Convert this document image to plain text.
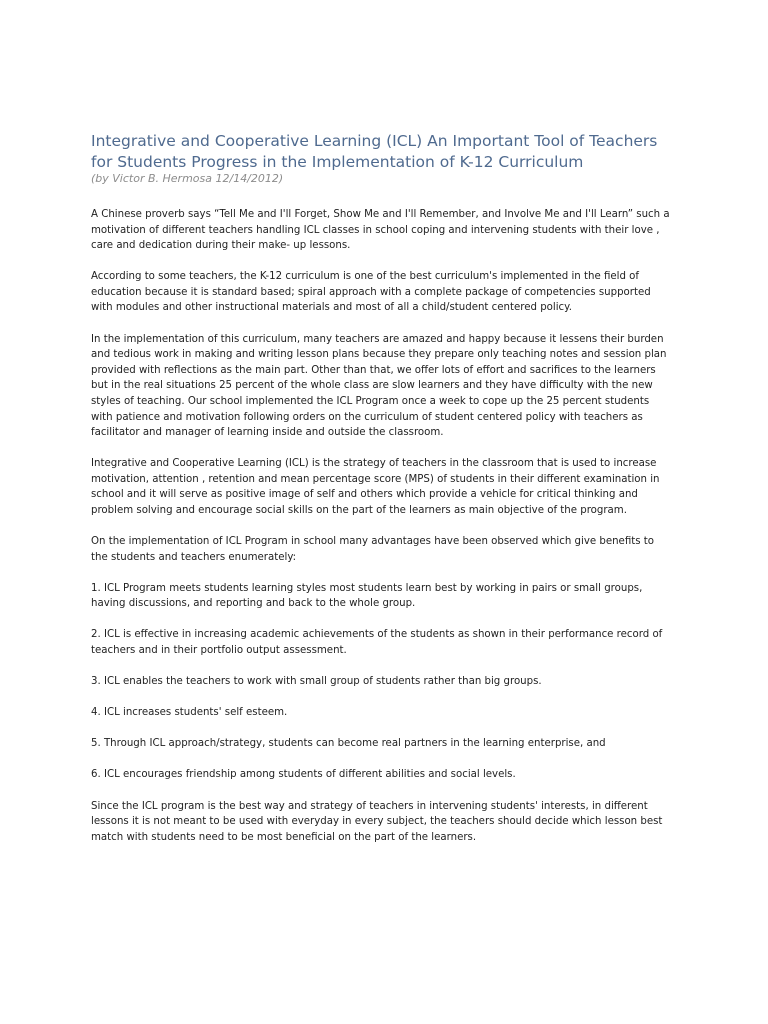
Integrative and Cooperative Learning (ICL) An Important Tool of Teachers for Students Progress in the Implementation of K-12 Curriculum
(by Victor B. Hermosa 12/14/2012)

A Chinese proverb says “Tell Me and I'll Forget, Show Me and I'll Remember, and Involve Me and I'll Learn” such a motivation of different teachers handling ICL classes in school coping and intervening students with their love , care and dedication during their make- up lessons.

According to some teachers, the K-12 curriculum is one of the best curriculum's implemented in the field of education because it is standard based; spiral approach with a complete package of competencies supported with modules and other instructional materials and most of all a child/student centered policy.

In the implementation of this curriculum, many teachers are amazed and happy because it lessens their burden and tedious work in making and writing lesson plans because they prepare only teaching notes and session plan provided with reflections as the main part. Other than that, we offer lots of effort and sacrifices to the learners but in the real situations 25 percent of the whole class are slow learners and they have difficulty with the new styles of teaching. Our school implemented the ICL Program once a week to cope up the 25 percent students with patience and motivation following orders on the curriculum of student centered policy with teachers as facilitator and manager of learning inside and outside the classroom.

Integrative and Cooperative Learning (ICL) is the strategy of teachers in the classroom that is used to increase motivation, attention , retention and mean percentage score (MPS) of students in their different examination in school and it will serve as positive image of self and others which provide a vehicle for critical thinking and problem solving and encourage social skills on the part of the learners as main objective of the program.

On the implementation of ICL Program in school many advantages have been observed which give benefits to the students and teachers enumerately:

1. ICL Program meets students learning styles most students learn best by working in pairs or small groups, having discussions, and reporting and back to the whole group.

2. ICL is effective in increasing academic achievements of the students as shown in their performance record of teachers and in their portfolio output assessment.

3. ICL enables the teachers to work with small group of students rather than big groups.

4. ICL increases students' self esteem.

5. Through ICL approach/strategy, students can become real partners in the learning enterprise, and

6. ICL encourages friendship among students of different abilities and social levels.

Since the ICL program is the best way and strategy of teachers in intervening students' interests, in different lessons it is not meant to be used with everyday in every subject, the teachers should decide which lesson best match with students need to be most beneficial on the part of the learners.
